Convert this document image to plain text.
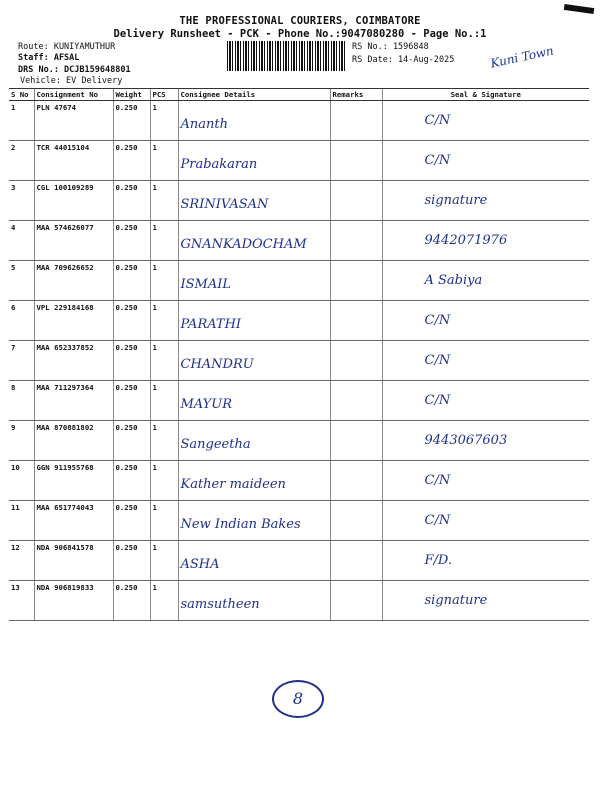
THE PROFESSIONAL COURIERS, COIMBATORE
Delivery Runsheet - PCK - Phone No.:9047080280 - Page No.:1
Route: KUNIYAMUTHUR
Staff: AFSAL
DRS No.: DCJB159648801
Vehicle: EV Delivery
RS No.: 1596848
RS Date: 14-Aug-2025	Kuni Town
S No	Consignment No	Weight	PCS	Consignee Details	Remarks	Seal & Signature
1	PLN 47674	0.250	1	Ananth		C/N
2	TCR 44015104	0.250	1	Prabakaran		C/N
3	CGL 100109289	0.250	1	SRINIVASAN		signature
4	MAA 574626077	0.250	1	GNANKADOCHAM		9442071976
5	MAA 709626652	0.250	1	ISMAIL		A Sabiya
6	VPL 229184168	0.250	1	PARATHI		C/N
7	MAA 652337852	0.250	1	CHANDRU		C/N
8	MAA 711297364	0.250	1	MAYUR		C/N
9	MAA 870881802	0.250	1	Sangeetha		9443067603
10	GGN 911955768	0.250	1	Kather maideen		C/N
11	MAA 651774043	0.250	1	New Indian Bakes		C/N
12	NDA 906841578	0.250	1	ASHA		F/D.
13	NDA 906819833	0.250	1	samsutheen		signature
8
